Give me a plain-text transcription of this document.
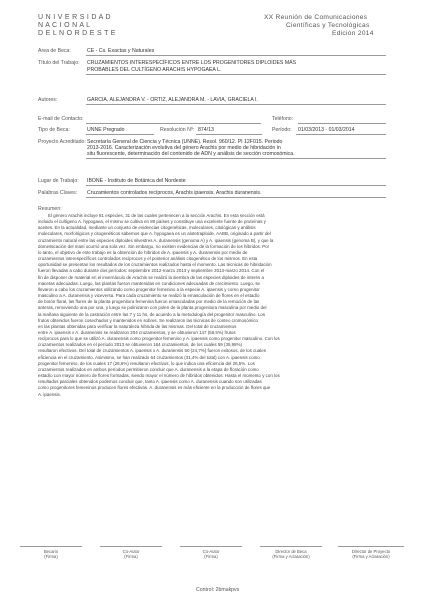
U N I V E R S I D A D
N A C I O N A L
D E L N O R D E S T E
XX Reunión de Comunicaciones
Científicas y Tecnológicas
Edición 2014
Area de Beca:	CE - Cs. Exactas y Naturales
Título del Trabajo: CRUZAMIENTOS INTERESPECÍFICOS ENTRE LOS PROGENITORES DIPLOIDES MÁS
PROBABLES DEL CULTÍGENO ARACHIS HYPOGAEA L.
Autores:	GARCIA, ALEJANDRA V. - ORTIZ, ALEJANDRA M. - LAVIA, GRACIELA I.
E-mail de Contacto:	Teléfono:
Tipo de Beca:	UNNE Pregrado	Resolución Nº: 874/13	Período: 01/03/2013 - 01/03/2014
Proyecto Acreditado: Secretaría General de Ciencia y Técnica (UNNE). Resol. 960/12. PI 12F015. Periodo
2013-2016. Caracterización evolutiva del género Arachis por medio de hibridación in
situ fluorescente, determinación del contenido de ADN y análisis de sección cromosómica.
Lugar de Trabajo: IBONE - Instituto de Botánica del Nordeste
Palabras Claves: Cruzamientos controlados recíprocos, Arachis ipaensis, Arachis duranensis.
Resumen:
El género Arachis incluye 81 especies, 31 de las cuales pertenecen a la sección Arachis. En esta sección está
incluido el cultígeno A. hypogaea, el mismo se cultiva en 80 países y constituye una excelente fuente de proteínas y
aceites. En la actualidad, mediante un conjunto de evidencias citogenéticas, moleculares, citológicas y análisis
moleculares, morfológicos y citogenéticos sabemos que A. hypogaea es un alotetraploide, AABB, originado a partir del
cruzamiento natural entre las especies diploides silvestres A. duranensis (genoma A) y A. ipaensis (genoma B), y que la
domesticación del maní ocurrió una sola vez. Sin embargo, no existen evidencias de la formación de los híbridos. Por
lo tanto, el objetivo de este trabajo es la obtención de híbridos de A. ipaensis y A. duranensis por medio de
cruzamientos interespecíficos controlados recíprocos y el posterior análisis citogenético de los mismos. En esta
oportunidad se presentan los resultados de los cruzamientos realizados hasta el momento. Las técnicas de hibridación
fueron llevadas a cabo durante dos períodos: septiembre 2012-marzo 2013 y septiembre 2013-marzo 2014. Con el
fin de disponer de material en el invernáculo de Arachis se realizó la siembra de las especies diploides de interés a
macetas adecuadas. Luego, las plantas fueron mantenidas en condiciones adecuadas de crecimiento. Luego, se
llevaron a cabo los cruzamientos utilizando como progenitor femenino a la especie A. ipaensis y como progenitor
masculino a A. duranensis y viceversa. Para cada cruzamiento se realizó la emasculación de flores en el estadío
de botón floral, las flores de la planta progenitora femenina fueron emasculadas por medio de la remoción de las
anteras, removiendo una por una, y luego se polinizaron con polen de la planta progenitora masculina por medio del
la mañana siguiente de la castración entre las 7 y 11 hs, de acuerdo a la metodología del progenitor masculino. Los
frutos obtenidos fueron cosechados y mantenidos en sobres. Se realizaron las técnicas de conteo cromosómico
en las plantas obtenidas para verificar la naturaleza híbrida de las mismas. Del total de cruzamientos
entre A. ipaensis x A. duranensis se realizaron 204 cruzamientos, y se obtuvieron 147 (58,5%) frutos
recíprocos para lo que se utilizó A. duranensis como progenitor femenino y A. ipaensis como progenitor masculino. Con los
cruzamientos realizados en el período 2013 se obtuvieron 164 cruzamientos, de los cuales 59 (35,98%)
resultaron efectivos. Del total de cruzamientos A. ipaensis x A. duranensis 50 (24,7%) fueron exitosos, de los cuales
eficiencia en el cruzamiento. Asimismo, se han realizado 64 cruzamientos (31,4% del total) con A. ipaensis como
progenitor femenino, de los cuales 17 (26,6%) resultaron efectivos, lo que indica una eficiencia del 26,5%. Los
cruzamientos realizados en ambos períodos permitieron concluir que A. duranensis a la etapa de floración como
estadío con mayor número de flores formadas, siendo mayor el número de híbridos obtenidos. Hasta el momento y con los
resultados parciales obtenidos podemos concluir que, tanto A. ipaensis como A. duranensis cuando son utilizadas
como progenitores femeninos producen flores efectivas. A. duranensis es más eficiente en la producción de flores que
A. ipaensis.
Becario
(Firma)
Co-Autor
(Firma)
Co-Autor
(Firma)
Director de Beca
(Firma y Aclaración)
Director de Proyecto
(Firma y Aclaración)
Control: 2bmakpvs
